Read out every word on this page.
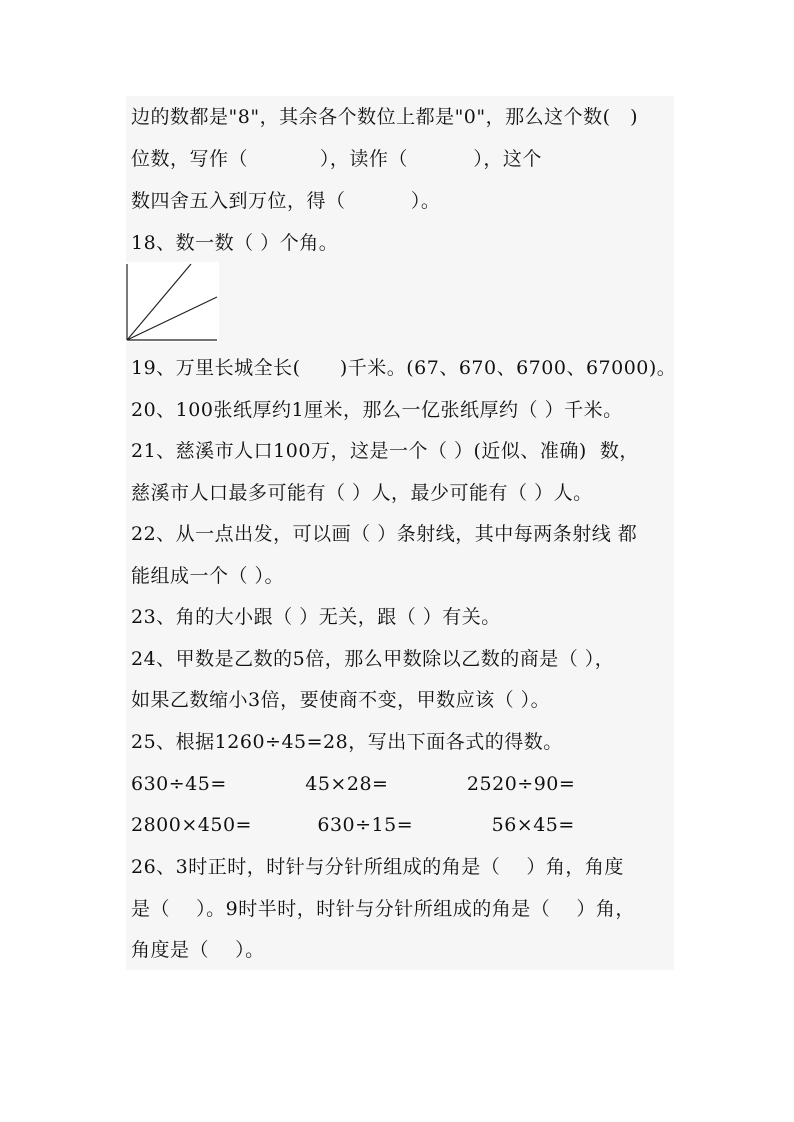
边的数都是"8"，其余各个数位上都是"0"，那么这个数(   )
位数，写作（           ），读作（          ），这个
数四舍五入到万位，得（          ）。
18、数一数（ ）个角。
19、万里长城全长(      )千米。(67、670、6700、67000)。
20、100张纸厚约1厘米，那么一亿张纸厚约（ ）千米。
21、慈溪市人口100万，这是一个（ ）(近似、准确)  数，
慈溪市人口最多可能有（ ）人，最少可能有（ ）人。
22、从一点出发，可以画（ ）条射线，其中每两条射线 都
能组成一个（ ）。
23、角的大小跟（ ）无关，跟（ ）有关。
24、甲数是乙数的5倍，那么甲数除以乙数的商是（ ），
如果乙数缩小3倍，要使商不变，甲数应该（ ）。
25、根据1260÷45=28，写出下面各式的得数。
630÷45=            45×28=            2520÷90=
2800×450=          630÷15=            56×45=
26、3时正时，时针与分针所组成的角是（    ）角，角度
是（    ）。9时半时，时针与分针所组成的角是（    ）角，
角度是（    ）。
